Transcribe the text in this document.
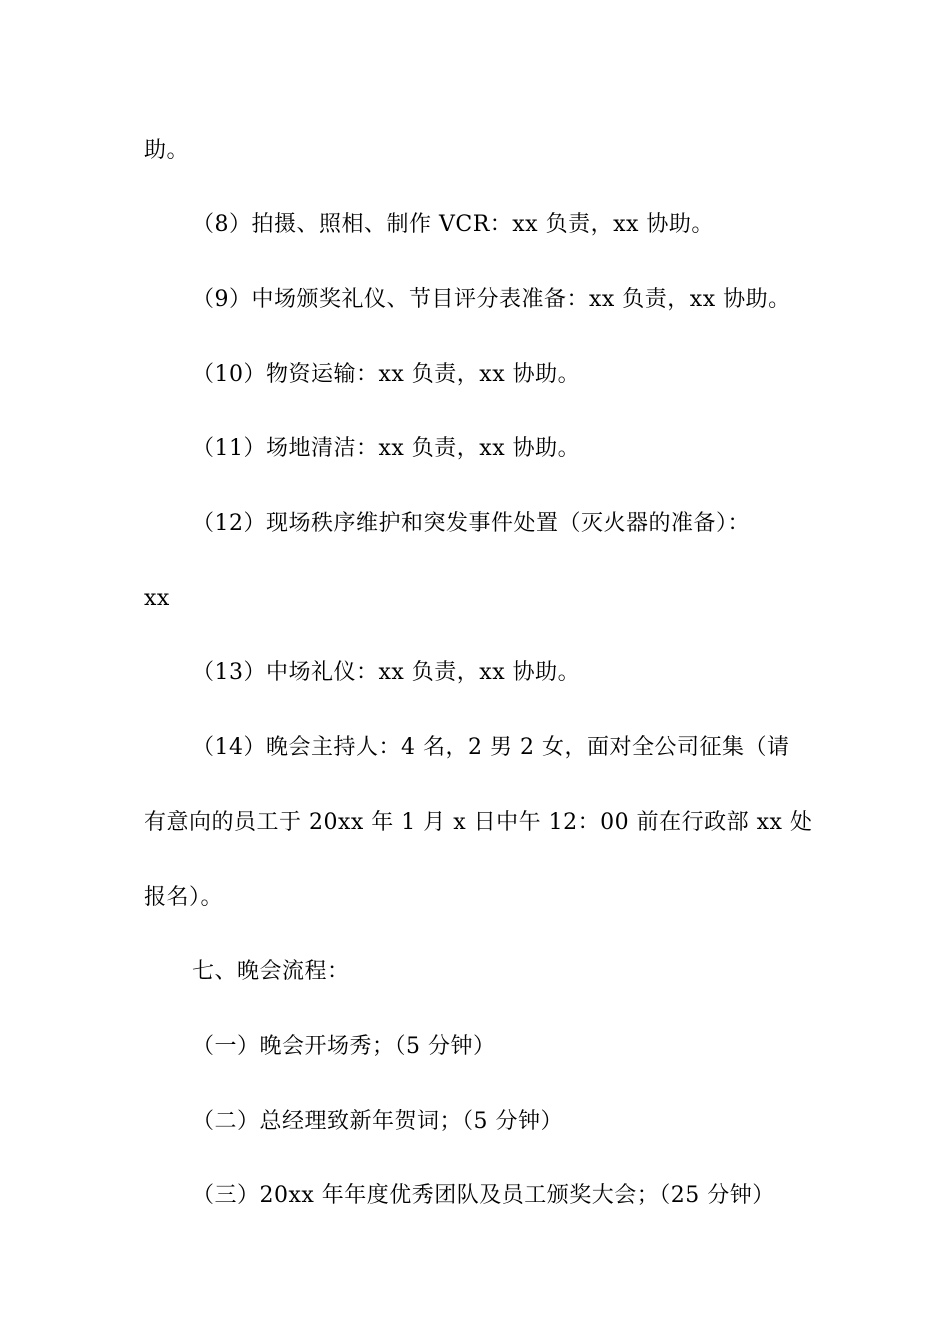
助。
（8）拍摄、照相、制作 VCR：xx 负责，xx 协助。
（9）中场颁奖礼仪、节目评分表准备：xx 负责，xx 协助。
（10）物资运输：xx 负责，xx 协助。
（11）场地清洁：xx 负责，xx 协助。
（12）现场秩序维护和突发事件处置（灭火器的准备）：
xx
（13）中场礼仪：xx 负责，xx 协助。
（14）晚会主持人：4 名，2 男 2 女，面对全公司征集（请
有意向的员工于 20xx 年 1 月 x 日中午 12：00 前在行政部 xx 处
报名）。
七、晚会流程：
（一）晚会开场秀；（5 分钟）
（二）总经理致新年贺词；（5 分钟）
（三）20xx 年年度优秀团队及员工颁奖大会；（25 分钟）
